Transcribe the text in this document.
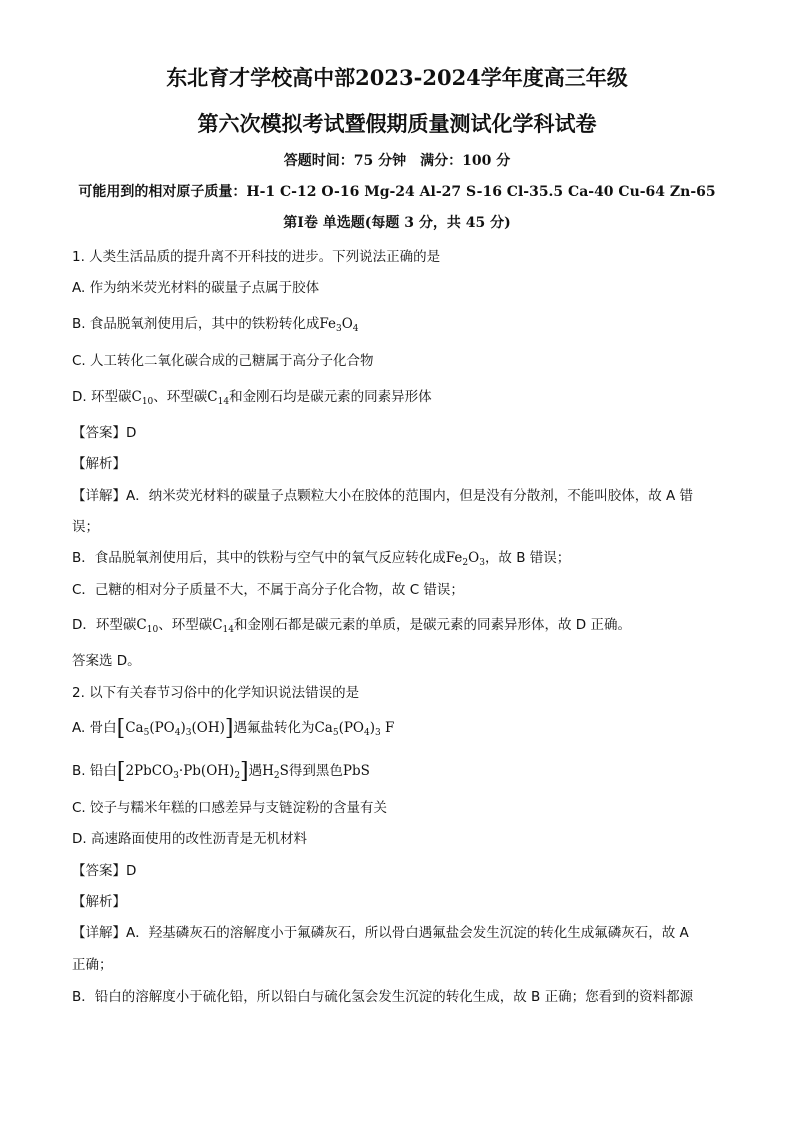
东北育才学校高中部2023-2024学年度高三年级
第六次模拟考试暨假期质量测试化学科试卷
答题时间：75 分钟　满分：100 分
可能用到的相对原子质量：H-1 C-12 O-16 Mg-24 Al-27 S-16 Cl-35.5 Ca-40 Cu-64 Zn-65
第Ⅰ卷 单选题(每题 3 分，共 45 分)
1. 人类生活品质的提升离不开科技的进步。下列说法正确的是
A. 作为纳米荧光材料的碳量子点属于胶体
B. 食品脱氧剂使用后，其中的铁粉转化成$Fe_3O_4$
C. 人工转化二氧化碳合成的己糖属于高分子化合物
D. 环型碳$C_{10}$、环型碳$C_{14}$和金刚石均是碳元素的同素异形体
【答案】D
【解析】
【详解】A．纳米荧光材料的碳量子点颗粒大小在胶体的范围内，但是没有分散剂，不能叫胶体，故 A 错
误；
B．食品脱氧剂使用后，其中的铁粉与空气中的氧气反应转化成$Fe_2O_3$，故 B 错误；
C．己糖的相对分子质量不大，不属于高分子化合物，故 C 错误；
D．环型碳$C_{10}$、环型碳$C_{14}$和金刚石都是碳元素的单质，是碳元素的同素异形体，故 D 正确。
答案选 D。
2. 以下有关春节习俗中的化学知识说法错误的是
A. 骨白$[Ca_5(PO_4)_3(OH)]$遇氟盐转化为$Ca_5(PO_4)_3$ F
B. 铅白$[2PbCO_3\cdot Pb(OH)_2]$遇$H_2S$得到黑色PbS
C. 饺子与糯米年糕的口感差异与支链淀粉的含量有关
D. 高速路面使用的改性沥青是无机材料
【答案】D
【解析】
【详解】A．羟基磷灰石的溶解度小于氟磷灰石，所以骨白遇氟盐会发生沉淀的转化生成氟磷灰石，故 A
正确；
B．铅白的溶解度小于硫化铅，所以铅白与硫化氢会发生沉淀的转化生成，故 B 正确；您看到的资料都源
